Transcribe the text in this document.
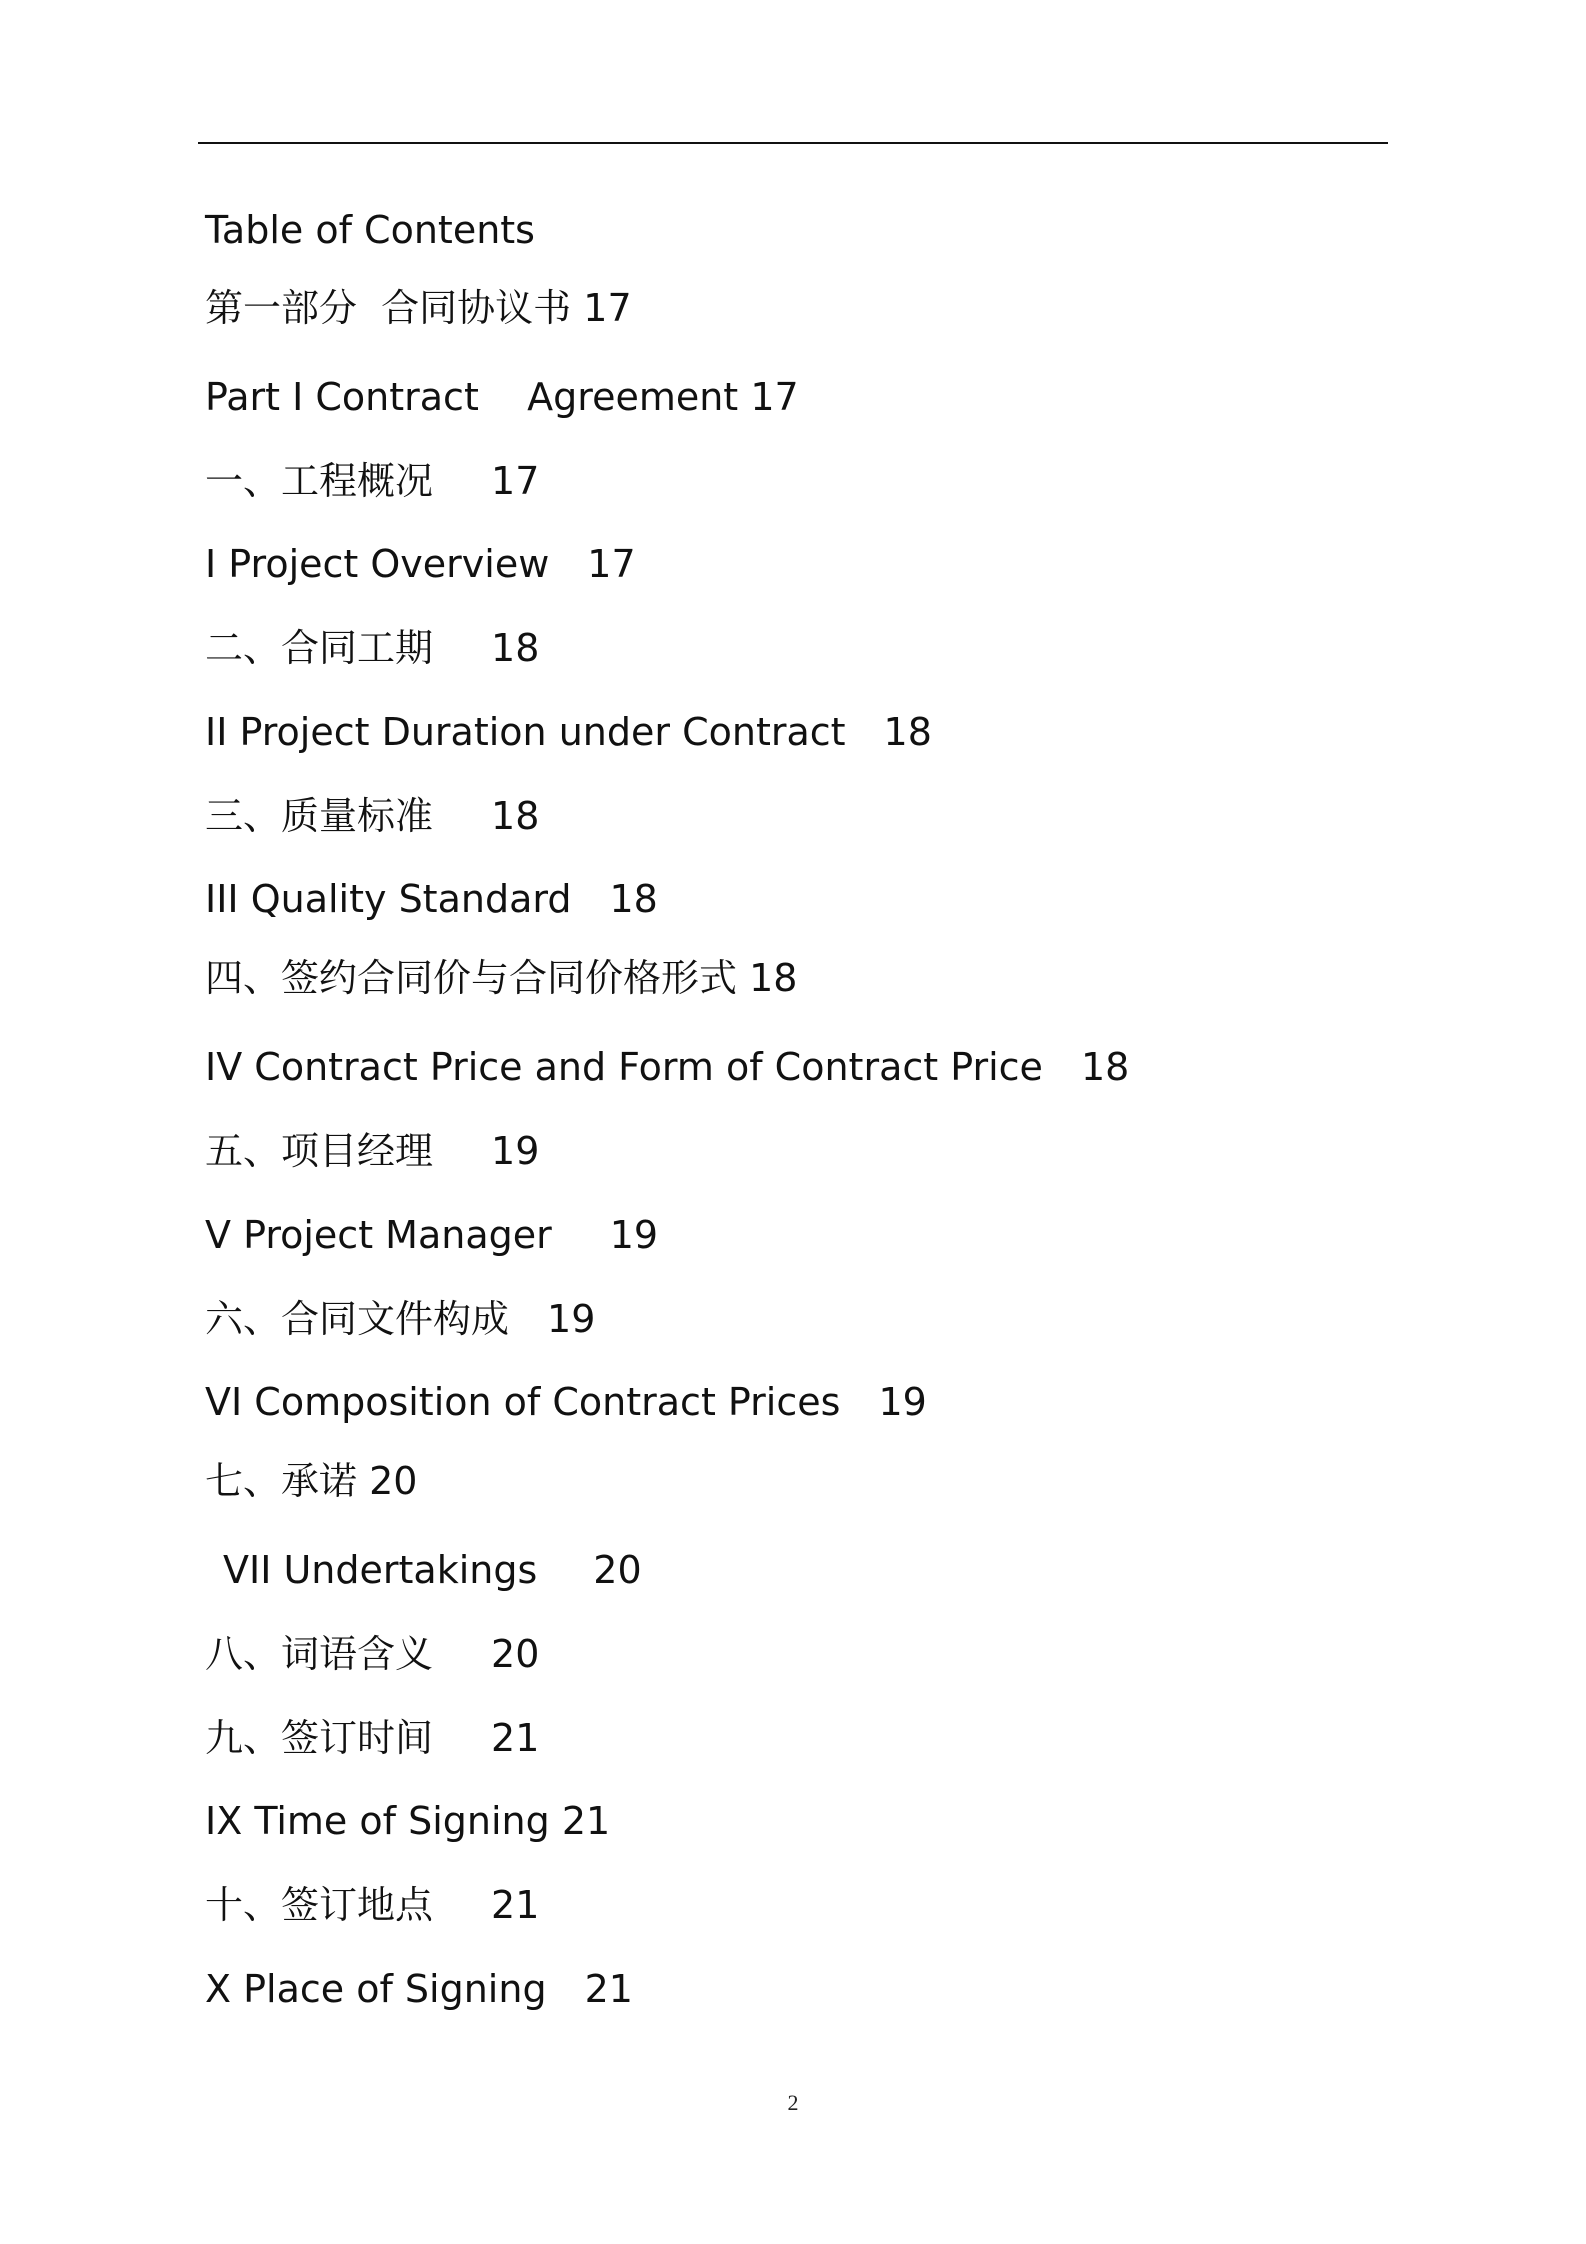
Table of Contents

第一部分  合同协议书 17

Part I Contract    Agreement 17

一、工程概况 17

I Project Overview 17

二、合同工期 18

II Project Duration under Contract 18

三、质量标准 18

III Quality Standard 18

四、签约合同价与合同价格形式 18

IV Contract Price and Form of Contract Price 18

五、项目经理 19

V Project Manager 19

六、合同文件构成 19

VI Composition of Contract Prices 19

七、承诺 20

VII Undertakings 20

八、词语含义 20

九、签订时间 21

IX Time of Signing 21

十、签订地点 21

X Place of Signing 21

2
